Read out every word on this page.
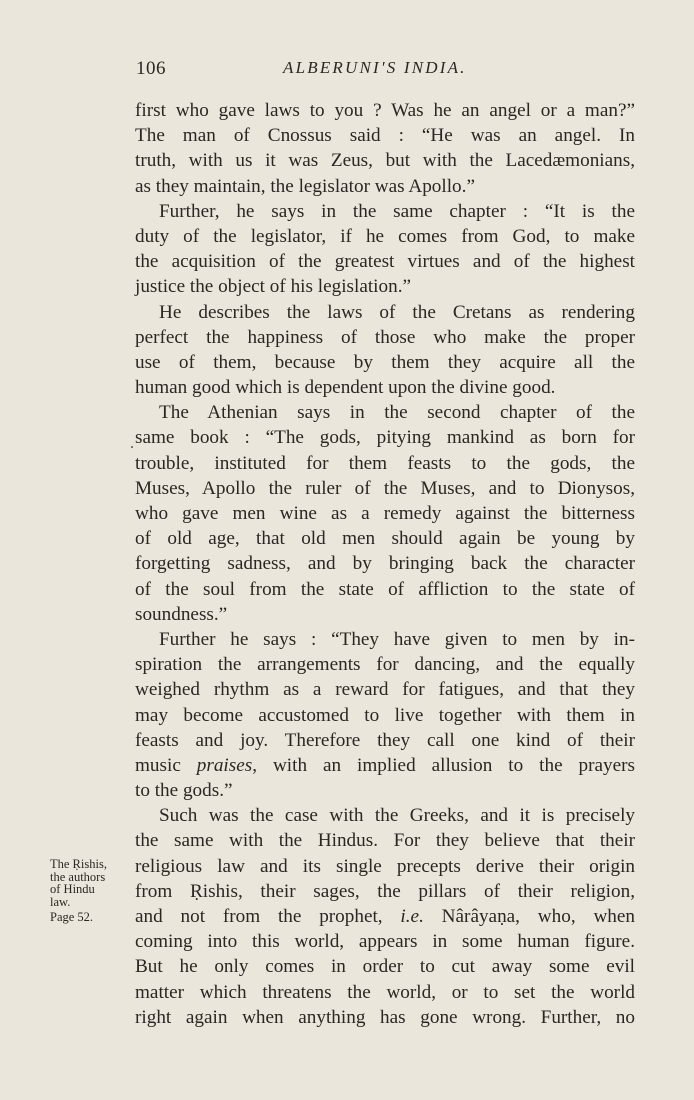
106	ALBERUNI'S INDIA.
first who gave laws to you ? Was he an angel or a man?”
The man of Cnossus said : “He was an angel. In
truth, with us it was Zeus, but with the Lacedæmonians,
as they maintain, the legislator was Apollo.”
Further, he says in the same chapter : “It is the
duty of the legislator, if he comes from God, to make
the acquisition of the greatest virtues and of the highest
justice the object of his legislation.”
He describes the laws of the Cretans as rendering
perfect the happiness of those who make the proper
use of them, because by them they acquire all the
human good which is dependent upon the divine good.
The Athenian says in the second chapter of the
same book : “The gods, pitying mankind as born for
trouble, instituted for them feasts to the gods, the
Muses, Apollo the ruler of the Muses, and to Dionysos,
who gave men wine as a remedy against the bitterness
of old age, that old men should again be young by
forgetting sadness, and by bringing back the character
of the soul from the state of affliction to the state of
soundness.”
Further he says : “They have given to men by in-
spiration the arrangements for dancing, and the equally
weighed rhythm as a reward for fatigues, and that they
may become accustomed to live together with them in
feasts and joy. Therefore they call one kind of their
music praises, with an implied allusion to the prayers
to the gods.”
Such was the case with the Greeks, and it is precisely
the same with the Hindus. For they believe that their
religious law and its single precepts derive their origin
from Ṛishis, their sages, the pillars of their religion,
and not from the prophet, i.e. Nârâyaṇa, who, when
coming into this world, appears in some human figure.
But he only comes in order to cut away some evil
matter which threatens the world, or to set the world
right again when anything has gone wrong. Further, no
The Ṛishis,
the authors
of Hindu
law.
Page 52.
